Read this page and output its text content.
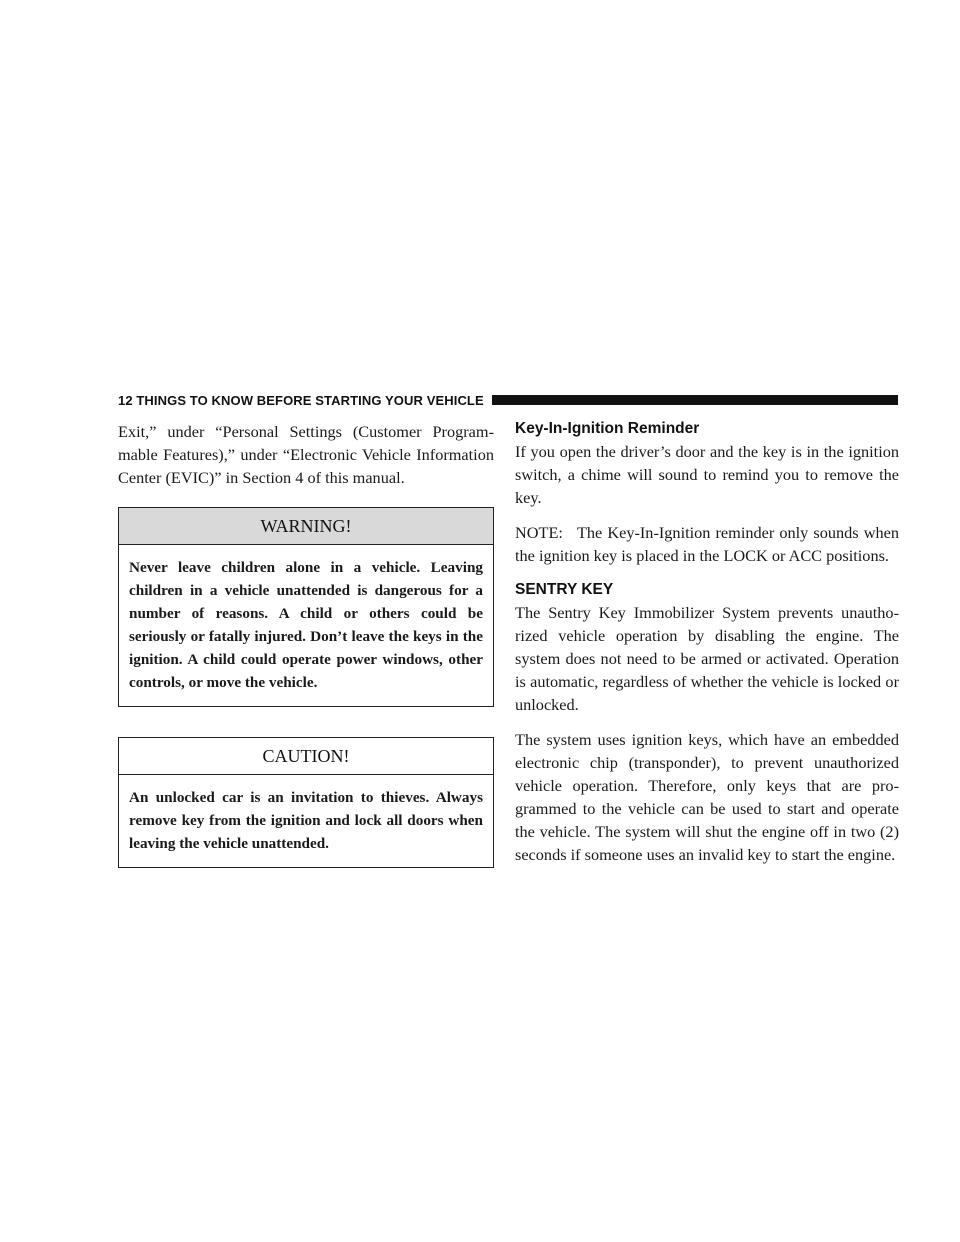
12 THINGS TO KNOW BEFORE STARTING YOUR VEHICLE

Exit,” under “Personal Settings (Customer Program-mable Features),” under “Electronic Vehicle Information Center (EVIC)” in Section 4 of this manual.

WARNING!
Never leave children alone in a vehicle. Leaving children in a vehicle unattended is dangerous for a number of reasons. A child or others could be seriously or fatally injured. Don’t leave the keys in the ignition. A child could operate power windows, other controls, or move the vehicle.
CAUTION!
An unlocked car is an invitation to thieves. Always remove key from the ignition and lock all doors when leaving the vehicle unattended.
Key-In-Ignition Reminder

If you open the driver’s door and the key is in the ignition switch, a chime will sound to remind you to remove the key.

NOTE: The Key-In-Ignition reminder only sounds when the ignition key is placed in the LOCK or ACC positions.

SENTRY KEY

The Sentry Key Immobilizer System prevents unautho-rized vehicle operation by disabling the engine. The system does not need to be armed or activated. Operation is automatic, regardless of whether the vehicle is locked or unlocked.

The system uses ignition keys, which have an embedded electronic chip (transponder), to prevent unauthorized vehicle operation. Therefore, only keys that are pro-grammed to the vehicle can be used to start and operate the vehicle. The system will shut the engine off in two (2) seconds if someone uses an invalid key to start the engine.
